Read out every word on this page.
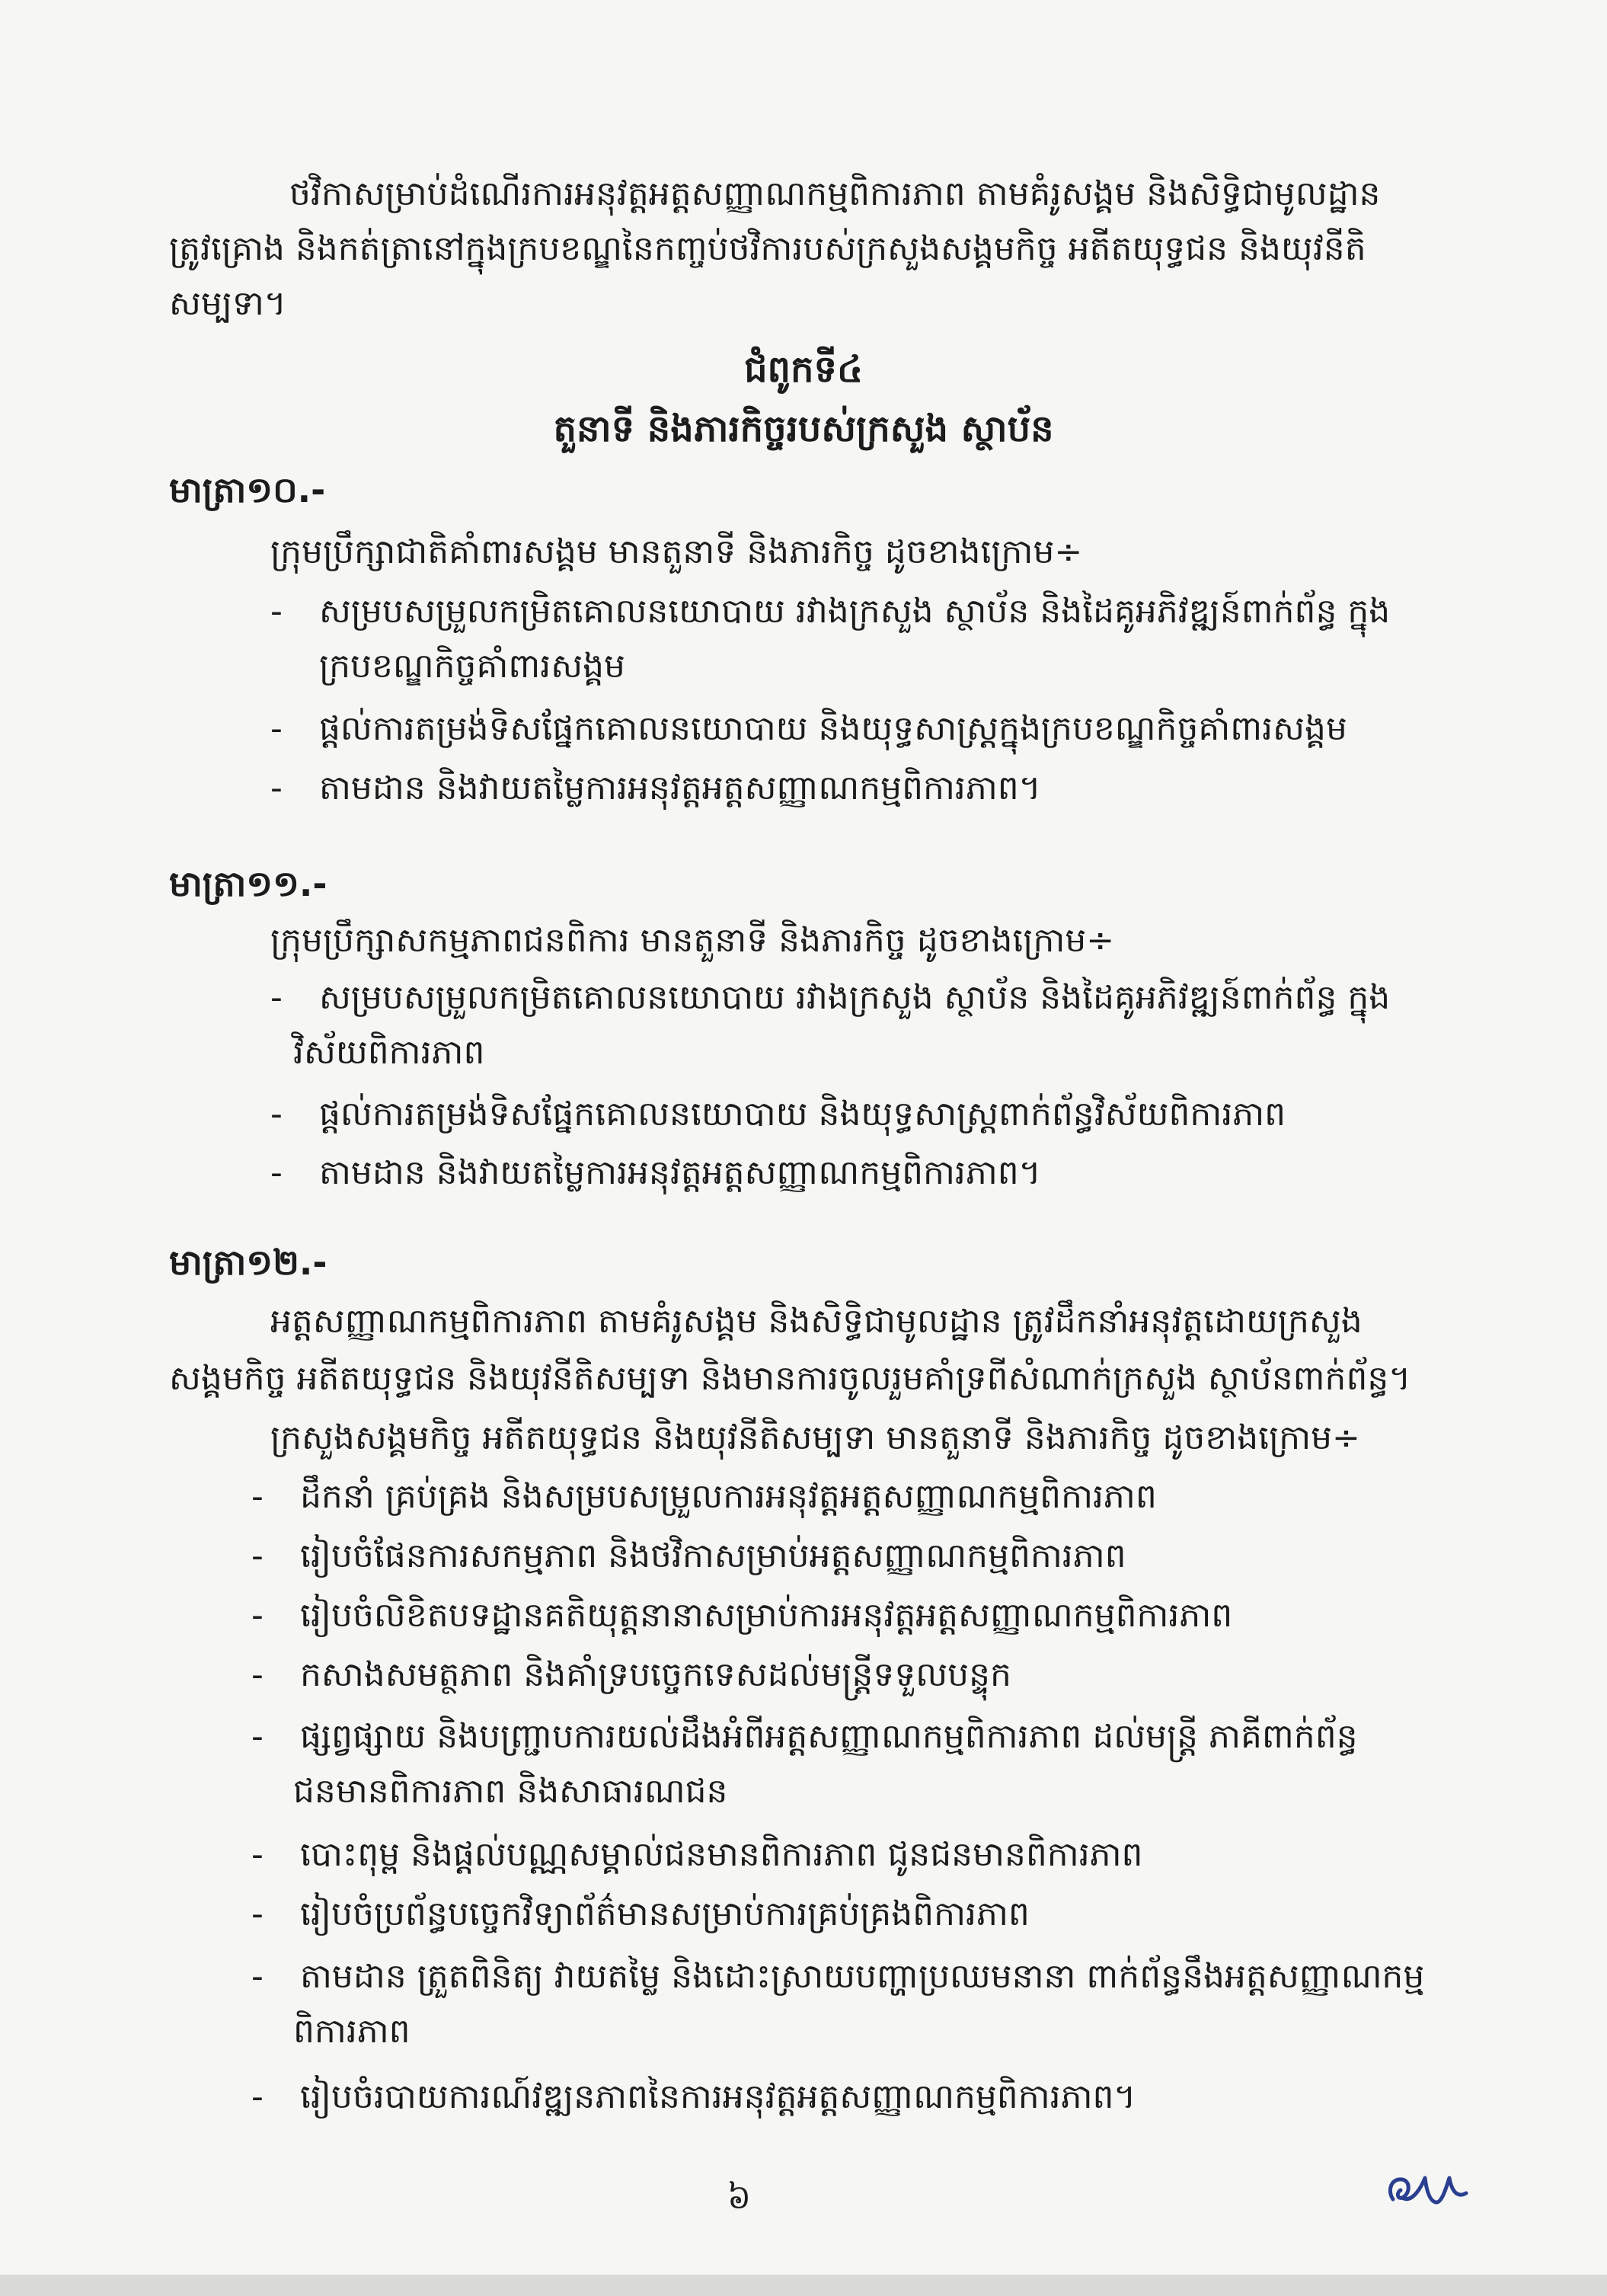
ថវិកាសម្រាប់ដំណើរការអនុវត្តអត្តសញ្ញាណកម្មពិការភាព តាមគំរូសង្គម និងសិទ្ធិជាមូលដ្ឋាន
ត្រូវគ្រោង និងកត់ត្រានៅក្នុងក្របខណ្ឌនៃកញ្ចប់ថវិការបស់ក្រសួងសង្គមកិច្ច អតីតយុទ្ធជន និងយុវនីតិ
សម្បទា។
ជំពូកទី៤
តួនាទី និងភារកិច្ចរបស់ក្រសួង ស្ថាប័ន
មាត្រា១០.-
ក្រុមប្រឹក្សាជាតិគាំពារសង្គម មានតួនាទី និងភារកិច្ច ដូចខាងក្រោម÷
- សម្របសម្រួលកម្រិតគោលនយោបាយ រវាងក្រសួង ស្ថាប័ន និងដៃគូអភិវឌ្ឍន៍ពាក់ព័ន្ធ ក្នុង
ក្របខណ្ឌកិច្ចគាំពារសង្គម
- ផ្តល់ការតម្រង់ទិសផ្នែកគោលនយោបាយ និងយុទ្ធសាស្ត្រក្នុងក្របខណ្ឌកិច្ចគាំពារសង្គម
- តាមដាន និងវាយតម្លៃការអនុវត្តអត្តសញ្ញាណកម្មពិការភាព។
មាត្រា១១.-
ក្រុមប្រឹក្សាសកម្មភាពជនពិការ មានតួនាទី និងភារកិច្ច ដូចខាងក្រោម÷
- សម្របសម្រួលកម្រិតគោលនយោបាយ រវាងក្រសួង ស្ថាប័ន និងដៃគូអភិវឌ្ឍន៍ពាក់ព័ន្ធ ក្នុង
វិស័យពិការភាព
- ផ្តល់ការតម្រង់ទិសផ្នែកគោលនយោបាយ និងយុទ្ធសាស្ត្រពាក់ព័ន្ធវិស័យពិការភាព
- តាមដាន និងវាយតម្លៃការអនុវត្តអត្តសញ្ញាណកម្មពិការភាព។
មាត្រា១២.-
អត្តសញ្ញាណកម្មពិការភាព តាមគំរូសង្គម និងសិទ្ធិជាមូលដ្ឋាន ត្រូវដឹកនាំអនុវត្តដោយក្រសួង
សង្គមកិច្ច អតីតយុទ្ធជន និងយុវនីតិសម្បទា និងមានការចូលរួមគាំទ្រពីសំណាក់ក្រសួង ស្ថាប័នពាក់ព័ន្ធ។
ក្រសួងសង្គមកិច្ច អតីតយុទ្ធជន និងយុវនីតិសម្បទា មានតួនាទី និងភារកិច្ច ដូចខាងក្រោម÷
- ដឹកនាំ គ្រប់គ្រង និងសម្របសម្រួលការអនុវត្តអត្តសញ្ញាណកម្មពិការភាព
- រៀបចំផែនការសកម្មភាព និងថវិកាសម្រាប់អត្តសញ្ញាណកម្មពិការភាព
- រៀបចំលិខិតបទដ្ឋានគតិយុត្តនានាសម្រាប់ការអនុវត្តអត្តសញ្ញាណកម្មពិការភាព
- កសាងសមត្ថភាព និងគាំទ្របច្ចេកទេសដល់មន្ត្រីទទួលបន្ទុក
- ផ្សព្វផ្សាយ និងបញ្ជ្រាបការយល់ដឹងអំពីអត្តសញ្ញាណកម្មពិការភាព ដល់មន្ត្រី ភាគីពាក់ព័ន្ធ
ជនមានពិការភាព និងសាធារណជន
- បោះពុម្ព និងផ្តល់បណ្ណសម្គាល់ជនមានពិការភាព ជូនជនមានពិការភាព
- រៀបចំប្រព័ន្ធបច្ចេកវិទ្យាព័ត៌មានសម្រាប់ការគ្រប់គ្រងពិការភាព
- តាមដាន ត្រួតពិនិត្យ វាយតម្លៃ និងដោះស្រាយបញ្ហាប្រឈមនានា ពាក់ព័ន្ធនឹងអត្តសញ្ញាណកម្ម
ពិការភាព
- រៀបចំរបាយការណ៍វឌ្ឍនភាពនៃការអនុវត្តអត្តសញ្ញាណកម្មពិការភាព។
៦
